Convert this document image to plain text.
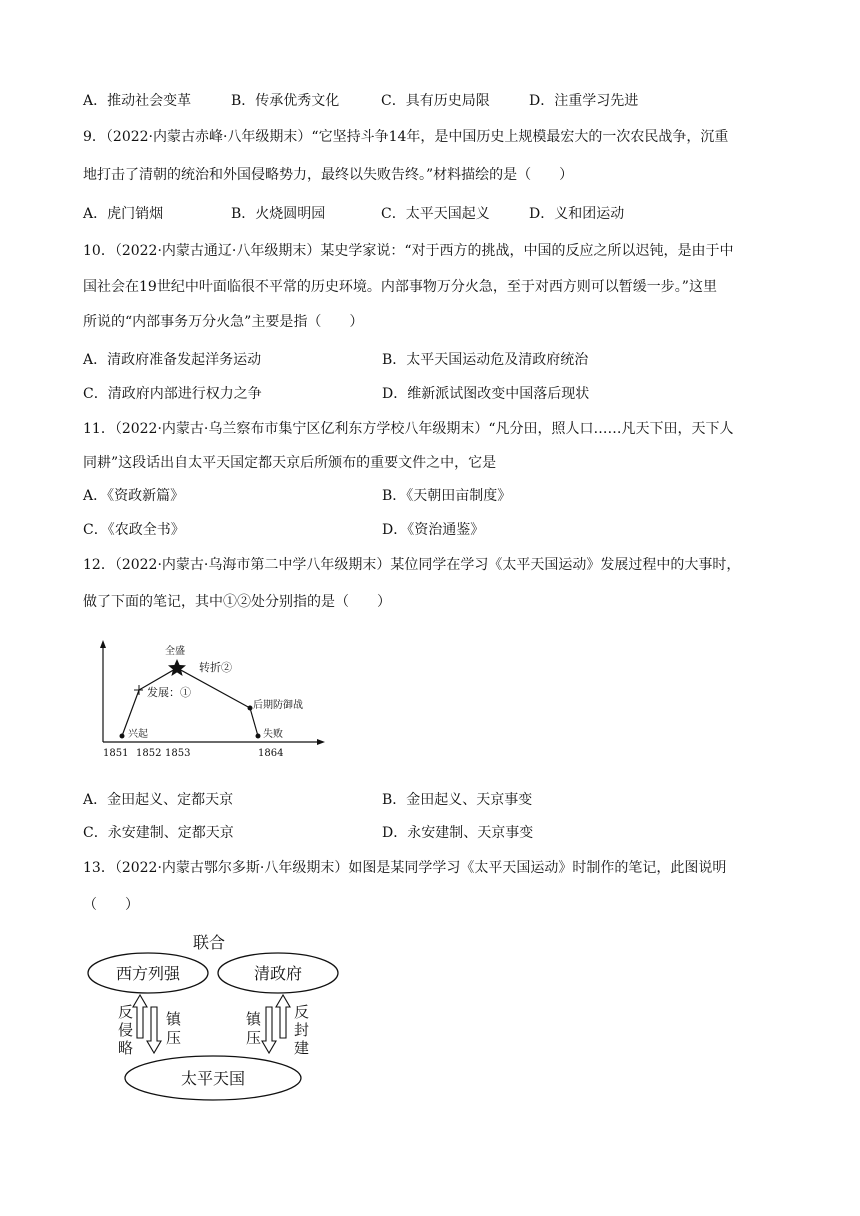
A．推动社会变革	B．传承优秀文化	C．具有历史局限	D．注重学习先进
9．（2022·内蒙古赤峰·八年级期末）“它坚持斗争14年，是中国历史上规模最宏大的一次农民战争，沉重
地打击了清朝的统治和外国侵略势力，最终以失败告终。”材料描绘的是（　　）
A．虎门销烟	B．火烧圆明园	C．太平天国起义	D．义和团运动
10．（2022·内蒙古通辽·八年级期末）某史学家说：“对于西方的挑战，中国的反应之所以迟钝，是由于中
国社会在19世纪中叶面临很不平常的历史环境。内部事物万分火急，至于对西方则可以暂缓一步。”这里
所说的“内部事务万分火急”主要是指（　　）
A．清政府准备发起洋务运动	B．太平天国运动危及清政府统治
C．清政府内部进行权力之争	D．维新派试图改变中国落后现状
11．（2022·内蒙古·乌兰察布市集宁区亿利东方学校八年级期末）“凡分田，照人口……凡天下田，天下人
同耕”这段话出自太平天国定都天京后所颁布的重要文件之中，它是
A．《资政新篇》	B．《天朝田亩制度》
C．《农政全书》	D．《资治通鉴》
12．（2022·内蒙古·乌海市第二中学八年级期末）某位同学在学习《太平天国运动》发展过程中的大事时，
做了下面的笔记，其中①②处分别指的是（　　）
兴起
发展：①
全盛
转折②
后期防御战
失败
1851 1852 1853	1864
A．金田起义、定都天京	B．金田起义、天京事变
C．永安建制、定都天京	D．永安建制、天京事变
13．（2022·内蒙古鄂尔多斯·八年级期末）如图是某同学学习《太平天国运动》时制作的笔记，此图说明
（　　）
联合
西方列强	清政府
太平天国
反
侵
略
镇
压
镇
压
反
封
建
